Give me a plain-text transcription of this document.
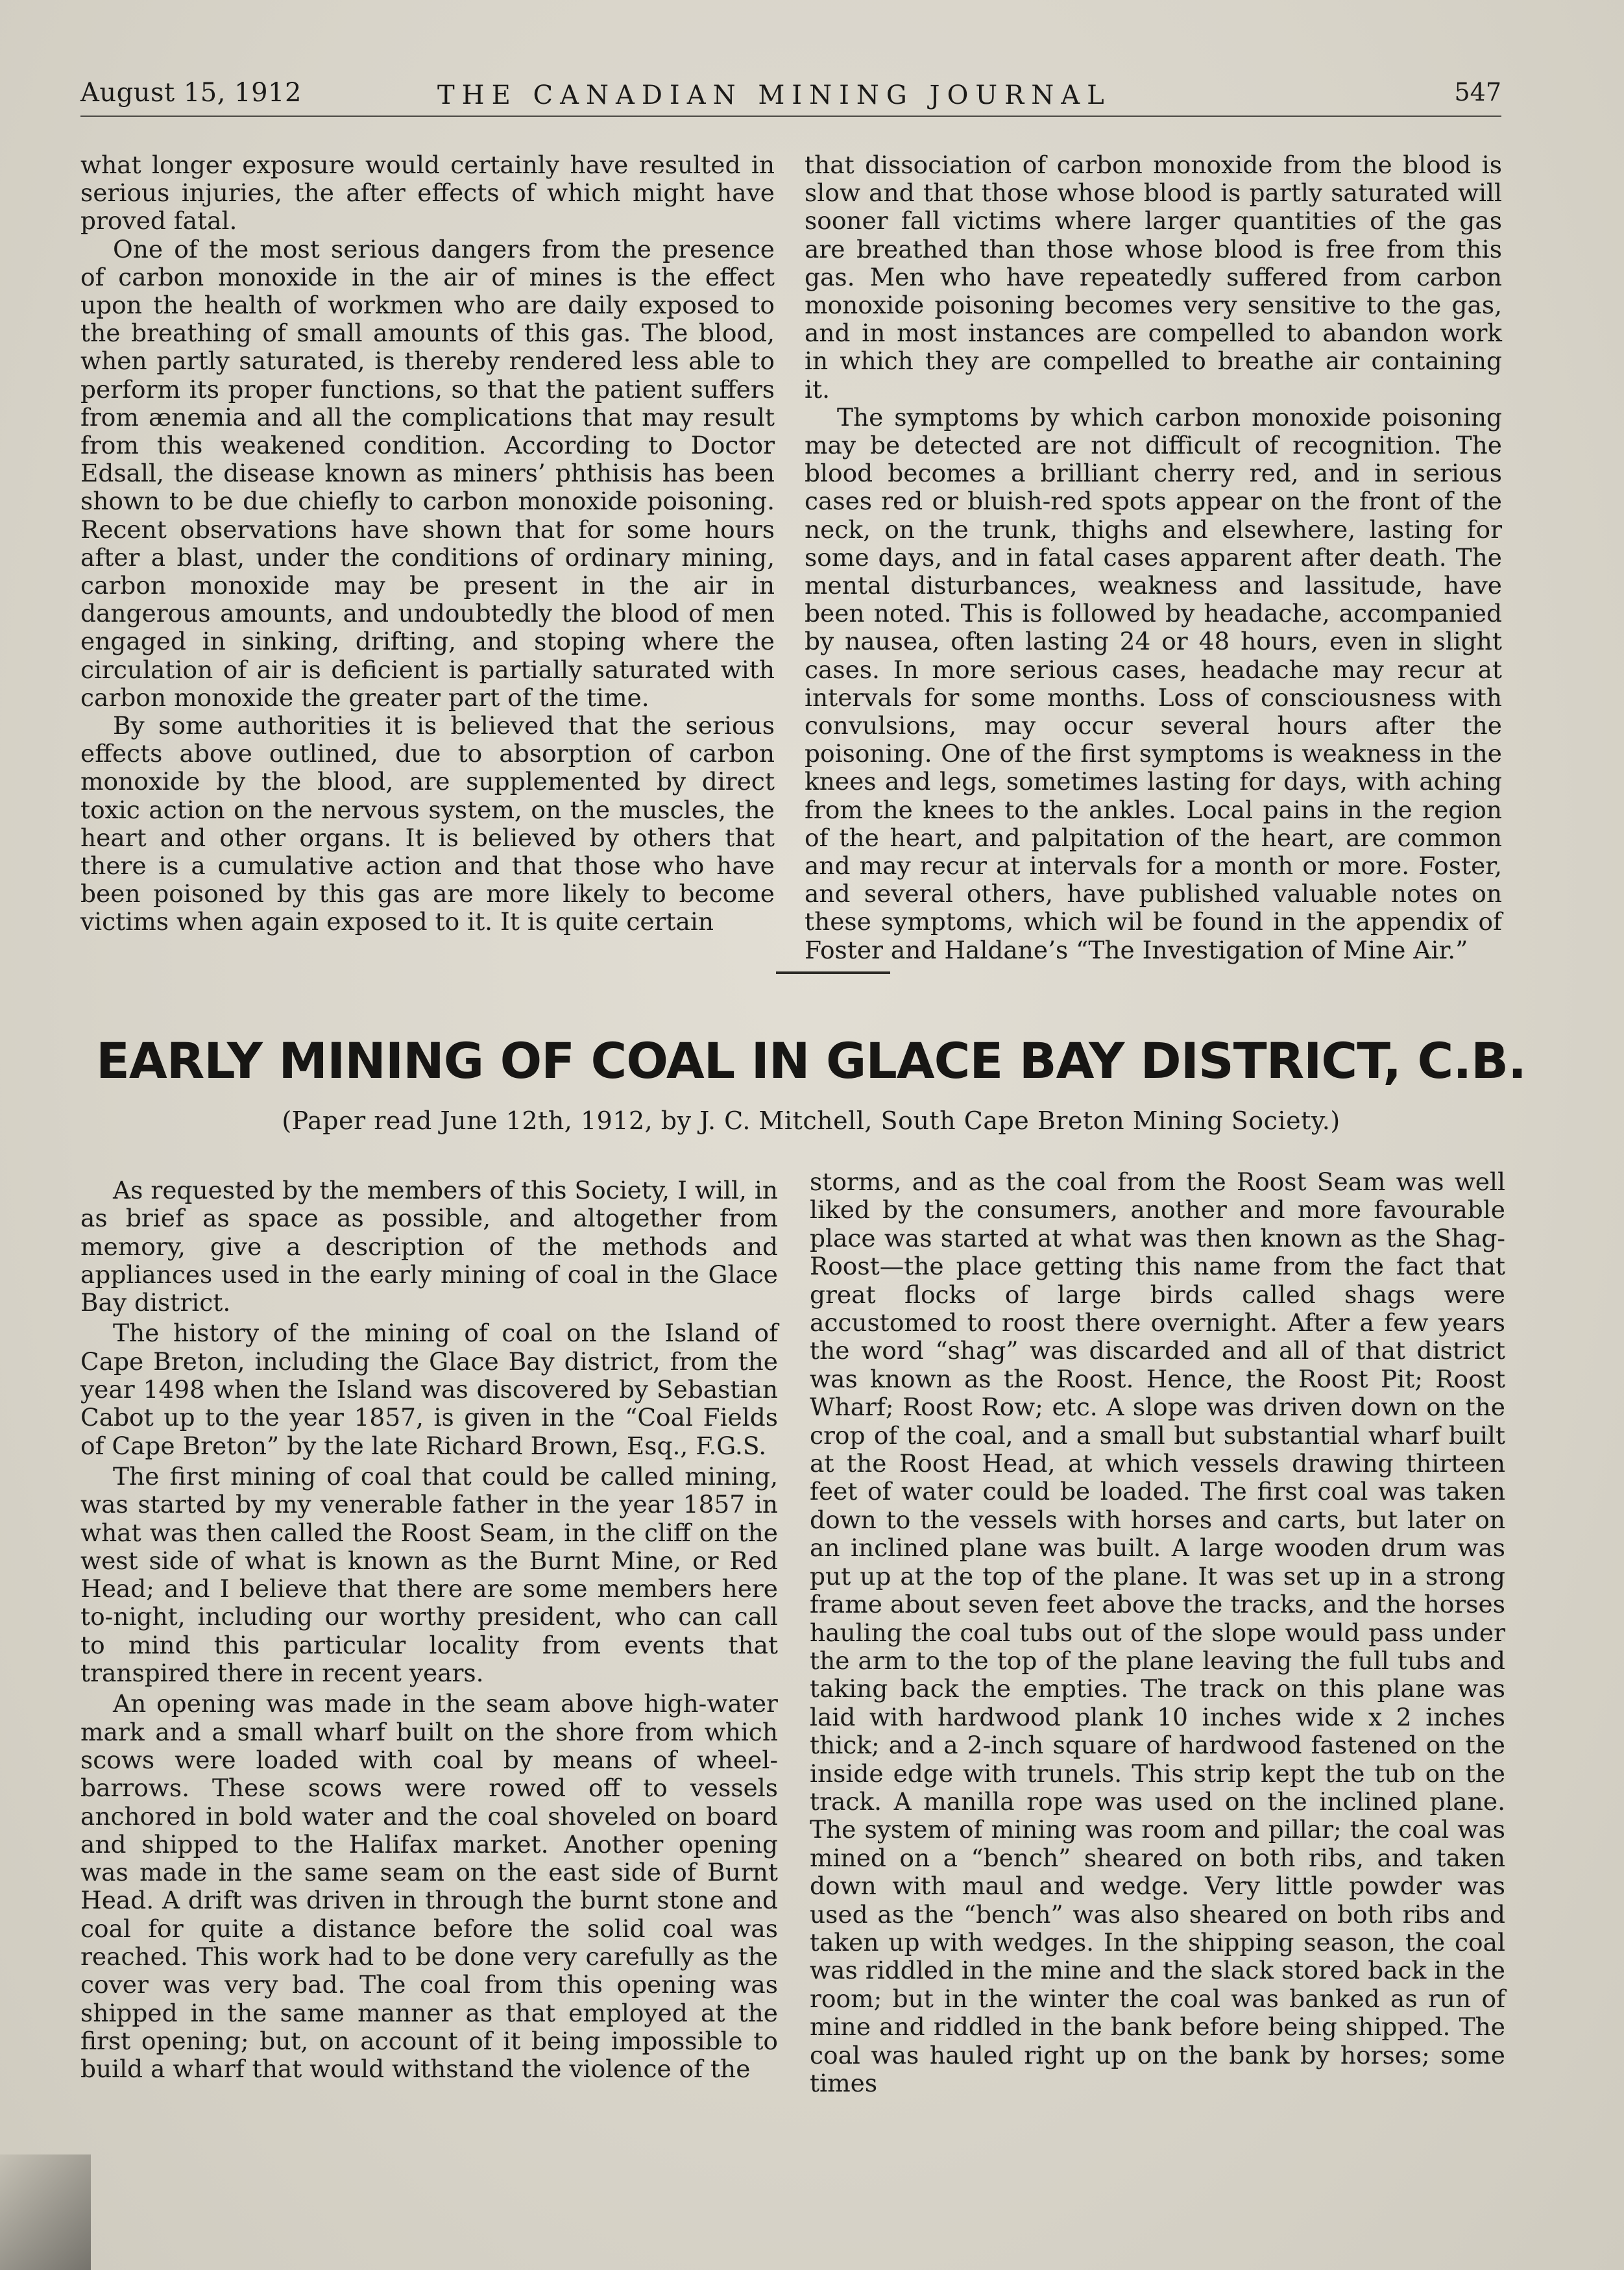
August 15, 1912	THE CANADIAN MINING JOURNAL	547

what longer exposure would certainly have resulted in serious injuries, the after effects of which might have proved fatal.

One of the most serious dangers from the presence of carbon monoxide in the air of mines is the effect upon the health of workmen who are daily exposed to the breathing of small amounts of this gas. The blood, when partly saturated, is thereby rendered less able to perform its proper functions, so that the patient suffers from ænemia and all the complications that may result from this weakened condition. According to Doctor Edsall, the disease known as miners’ phthisis has been shown to be due chiefly to carbon monoxide poisoning. Recent observations have shown that for some hours after a blast, under the conditions of ordinary mining, carbon monoxide may be present in the air in dangerous amounts, and undoubtedly the blood of men engaged in sinking, drifting, and stoping where the circulation of air is deficient is partially saturated with carbon monoxide the greater part of the time.

By some authorities it is believed that the serious effects above outlined, due to absorption of carbon monoxide by the blood, are supplemented by direct toxic action on the nervous system, on the muscles, the heart and other organs. It is believed by others that there is a cumulative action and that those who have been poisoned by this gas are more likely to become victims when again exposed to it. It is quite certain

that dissociation of carbon monoxide from the blood is slow and that those whose blood is partly saturated will sooner fall victims where larger quantities of the gas are breathed than those whose blood is free from this gas. Men who have repeatedly suffered from carbon monoxide poisoning becomes very sensitive to the gas, and in most instances are compelled to abandon work in which they are compelled to breathe air containing it.

The symptoms by which carbon monoxide poisoning may be detected are not difficult of recognition. The blood becomes a brilliant cherry red, and in serious cases red or bluish-red spots appear on the front of the neck, on the trunk, thighs and elsewhere, lasting for some days, and in fatal cases apparent after death. The mental disturbances, weakness and lassitude, have been noted. This is followed by headache, accompanied by nausea, often lasting 24 or 48 hours, even in slight cases. In more serious cases, headache may recur at intervals for some months. Loss of consciousness with convulsions, may occur several hours after the poisoning. One of the first symptoms is weakness in the knees and legs, sometimes lasting for days, with aching from the knees to the ankles. Local pains in the region of the heart, and palpitation of the heart, are common and may recur at intervals for a month or more. Foster, and several others, have published valuable notes on these symptoms, which wil be found in the appendix of Foster and Haldane’s “The Investigation of Mine Air.”

EARLY MINING OF COAL IN GLACE BAY DISTRICT, C.B.
(Paper read June 12th, 1912, by J. C. Mitchell, South Cape Breton Mining Society.)

As requested by the members of this Society, I will, in as brief as space as possible, and altogether from memory, give a description of the methods and appliances used in the early mining of coal in the Glace Bay district.

The history of the mining of coal on the Island of Cape Breton, including the Glace Bay district, from the year 1498 when the Island was discovered by Sebastian Cabot up to the year 1857, is given in the “Coal Fields of Cape Breton” by the late Richard Brown, Esq., F.G.S.

The first mining of coal that could be called mining, was started by my venerable father in the year 1857 in what was then called the Roost Seam, in the cliff on the west side of what is known as the Burnt Mine, or Red Head; and I believe that there are some members here to-night, including our worthy president, who can call to mind this particular locality from events that transpired there in recent years.

An opening was made in the seam above high-water mark and a small wharf built on the shore from which scows were loaded with coal by means of wheel-barrows. These scows were rowed off to vessels anchored in bold water and the coal shoveled on board and shipped to the Halifax market. Another opening was made in the same seam on the east side of Burnt Head. A drift was driven in through the burnt stone and coal for quite a distance before the solid coal was reached. This work had to be done very carefully as the cover was very bad. The coal from this opening was shipped in the same manner as that employed at the first opening; but, on account of it being impossible to build a wharf that would withstand the violence of the

storms, and as the coal from the Roost Seam was well liked by the consumers, another and more favourable place was started at what was then known as the Shag-Roost—the place getting this name from the fact that great flocks of large birds called shags were accustomed to roost there overnight. After a few years the word “shag” was discarded and all of that district was known as the Roost. Hence, the Roost Pit; Roost Wharf; Roost Row; etc. A slope was driven down on the crop of the coal, and a small but substantial wharf built at the Roost Head, at which vessels drawing thirteen feet of water could be loaded. The first coal was taken down to the vessels with horses and carts, but later on an inclined plane was built. A large wooden drum was put up at the top of the plane. It was set up in a strong frame about seven feet above the tracks, and the horses hauling the coal tubs out of the slope would pass under the arm to the top of the plane leaving the full tubs and taking back the empties. The track on this plane was laid with hardwood plank 10 inches wide x 2 inches thick; and a 2-inch square of hardwood fastened on the inside edge with trunels. This strip kept the tub on the track. A manilla rope was used on the inclined plane. The system of mining was room and pillar; the coal was mined on a “bench” sheared on both ribs, and taken down with maul and wedge. Very little powder was used as the “bench” was also sheared on both ribs and taken up with wedges. In the shipping season, the coal was riddled in the mine and the slack stored back in the room; but in the winter the coal was banked as run of mine and riddled in the bank before being shipped. The coal was hauled right up on the bank by horses; some times
